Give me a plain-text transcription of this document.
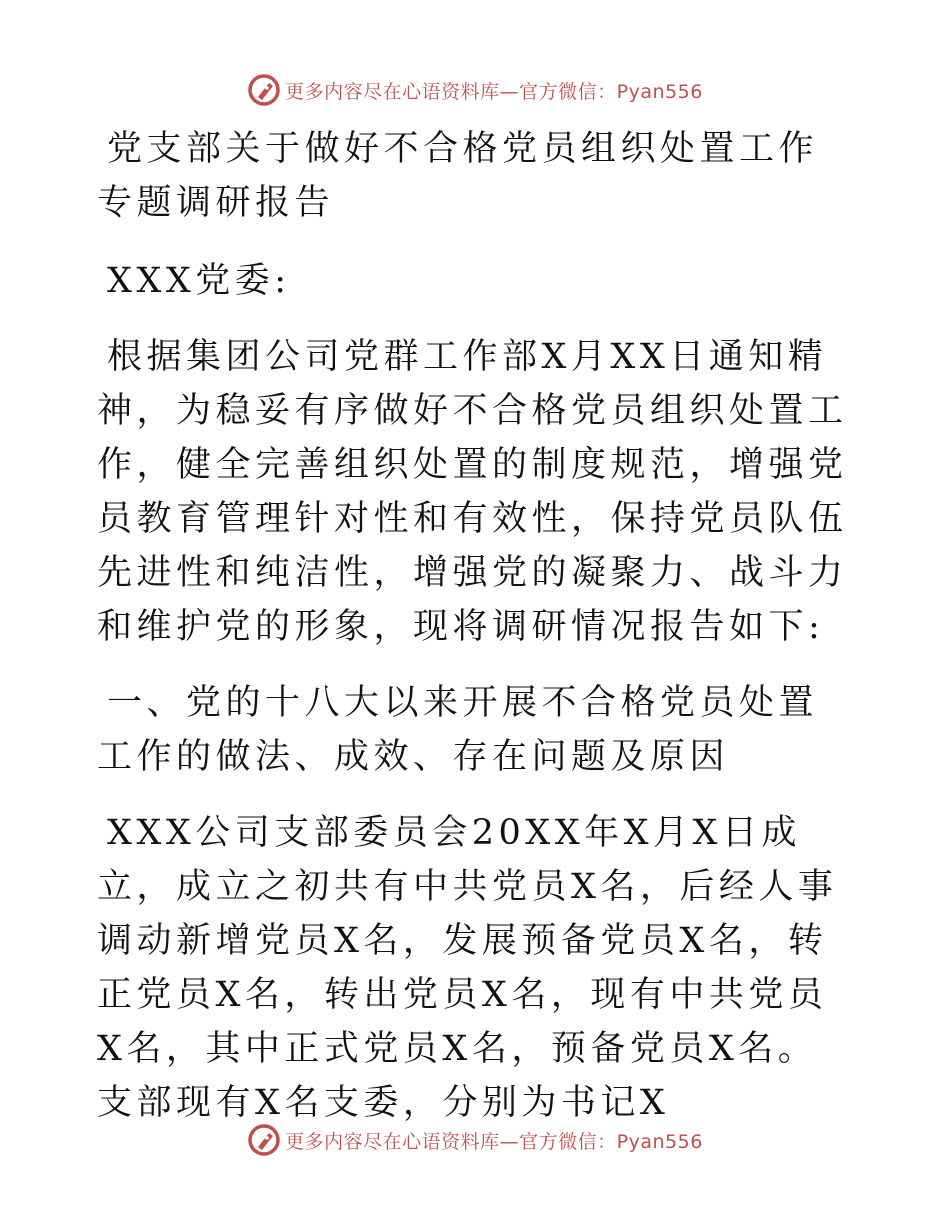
更多内容尽在心语资料库—官方微信：Pyan556

党支部关于做好不合格党员组织处置工作专题调研报告

XXX党委:

根据集团公司党群工作部X月XX日通知精神，为稳妥有序做好不合格党员组织处置工作，健全完善组织处置的制度规范，增强党员教育管理针对性和有效性，保持党员队伍先进性和纯洁性，增强党的凝聚力、战斗力和维护党的形象，现将调研情况报告如下:

一、党的十八大以来开展不合格党员处置工作的做法、成效、存在问题及原因

XXX公司支部委员会20XX年X月X日成立，成立之初共有中共党员X名，后经人事调动新增党员X名，发展预备党员X名，转正党员X名，转出党员X名，现有中共党员X名，其中正式党员X名，预备党员X名。支部现有X名支委，分别为书记X

更多内容尽在心语资料库—官方微信：Pyan556
